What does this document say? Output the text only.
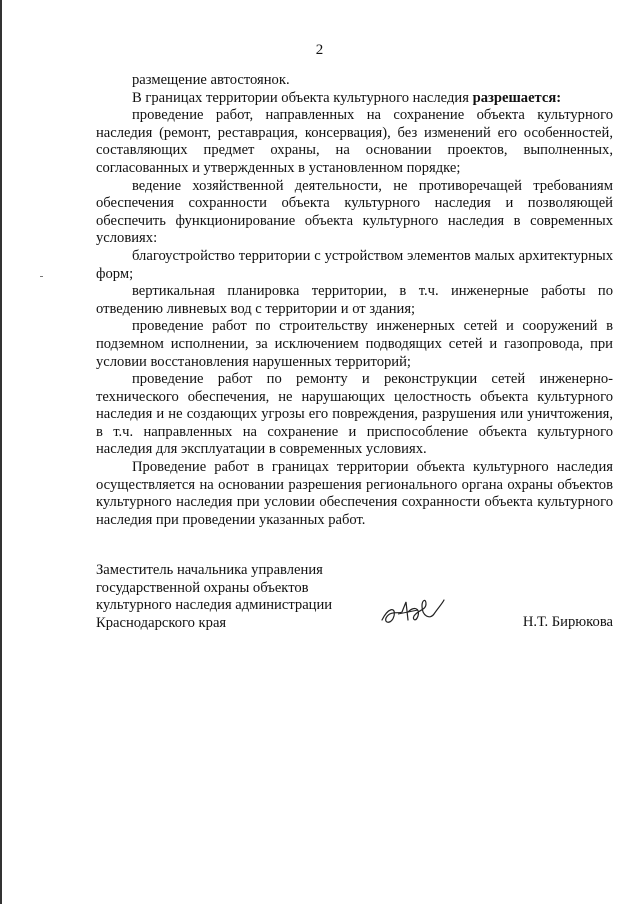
2

размещение автостоянок.

В границах территории объекта культурного наследия разрешается:

проведение работ, направленных на сохранение объекта культурного наследия (ремонт, реставрация, консервация), без изменений его особенностей, составляющих предмет охраны, на основании проектов, выполненных, согласованных и утвержденных в установленном порядке;

ведение хозяйственной деятельности, не противоречащей требованиям обеспечения сохранности объекта культурного наследия и позволяющей обеспечить функционирование объекта культурного наследия в современных условиях:

благоустройство территории с устройством элементов малых архитектурных форм;

вертикальная планировка территории, в т.ч. инженерные работы по отведению ливневых вод с территории и от здания;

проведение работ по строительству инженерных сетей и сооружений в подземном исполнении, за исключением подводящих сетей и газопровода, при условии восстановления нарушенных территорий;

проведение работ по ремонту и реконструкции сетей инженерно-технического обеспечения, не нарушающих целостность объекта культурного наследия и не создающих угрозы его повреждения, разрушения или уничтожения, в т.ч. направленных на сохранение и приспособление объекта культурного наследия для эксплуатации в современных условиях.

Проведение работ в границах территории объекта культурного наследия осуществляется на основании разрешения регионального органа охраны объектов культурного наследия при условии обеспечения сохранности объекта культурного наследия при проведении указанных работ.

Заместитель начальника управления
государственной охраны объектов
культурного наследия администрации
Краснодарского края	Н.Т. Бирюкова
